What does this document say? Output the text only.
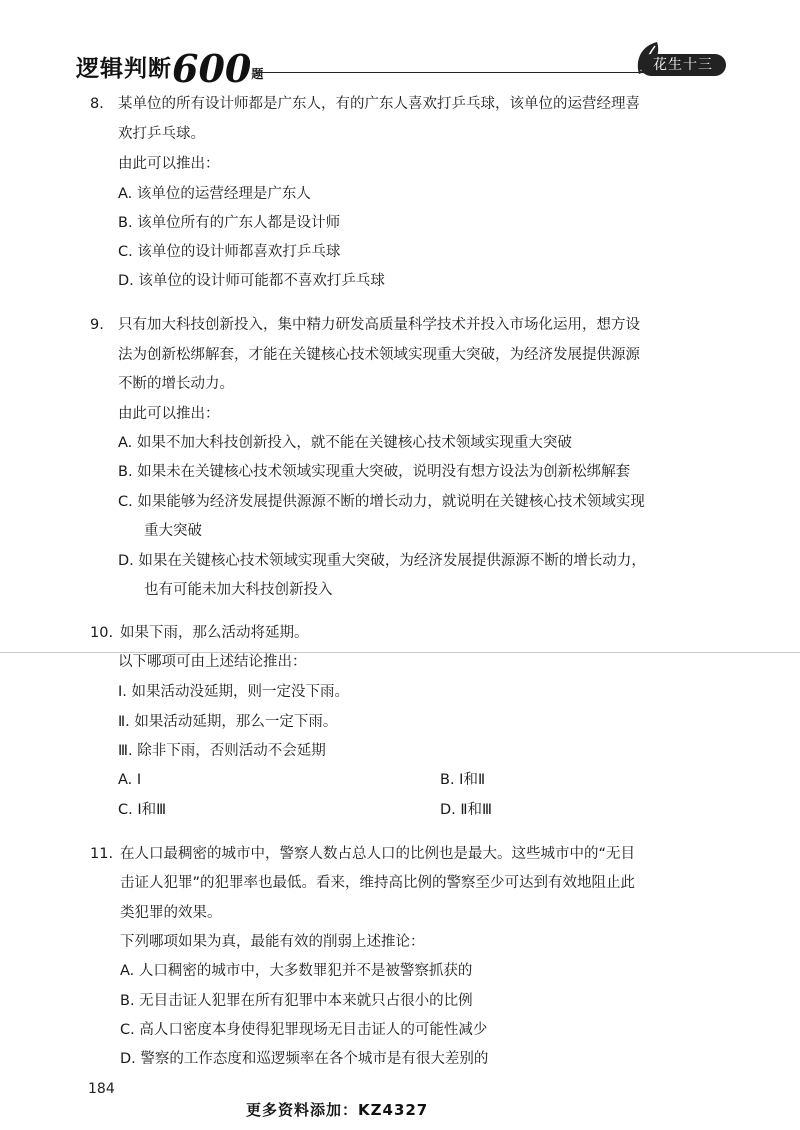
逻辑判断600题
花生十三
8. 某单位的所有设计师都是广东人，有的广东人喜欢打乒乓球，该单位的运营经理喜
欢打乒乓球。
由此可以推出：
A. 该单位的运营经理是广东人
B. 该单位所有的广东人都是设计师
C. 该单位的设计师都喜欢打乒乓球
D. 该单位的设计师可能都不喜欢打乒乓球
9. 只有加大科技创新投入，集中精力研发高质量科学技术并投入市场化运用，想方设
法为创新松绑解套，才能在关键核心技术领域实现重大突破，为经济发展提供源源
不断的增长动力。
由此可以推出：
A. 如果不加大科技创新投入，就不能在关键核心技术领域实现重大突破
B. 如果未在关键核心技术领域实现重大突破，说明没有想方设法为创新松绑解套
C. 如果能够为经济发展提供源源不断的增长动力，就说明在关键核心技术领域实现
重大突破
D. 如果在关键核心技术领域实现重大突破，为经济发展提供源源不断的增长动力，
也有可能未加大科技创新投入
10. 如果下雨，那么活动将延期。
以下哪项可由上述结论推出：
Ⅰ. 如果活动没延期，则一定没下雨。
Ⅱ. 如果活动延期，那么一定下雨。
Ⅲ. 除非下雨，否则活动不会延期
A. Ⅰ	B. Ⅰ和Ⅱ
C. Ⅰ和Ⅲ	D. Ⅱ和Ⅲ
11. 在人口最稠密的城市中，警察人数占总人口的比例也是最大。这些城市中的“无目
击证人犯罪”的犯罪率也最低。看来，维持高比例的警察至少可达到有效地阻止此
类犯罪的效果。
下列哪项如果为真，最能有效的削弱上述推论：
A. 人口稠密的城市中，大多数罪犯并不是被警察抓获的
B. 无目击证人犯罪在所有犯罪中本来就只占很小的比例
C. 高人口密度本身使得犯罪现场无目击证人的可能性减少
D. 警察的工作态度和巡逻频率在各个城市是有很大差别的
184
更多资料添加：KZ4327
